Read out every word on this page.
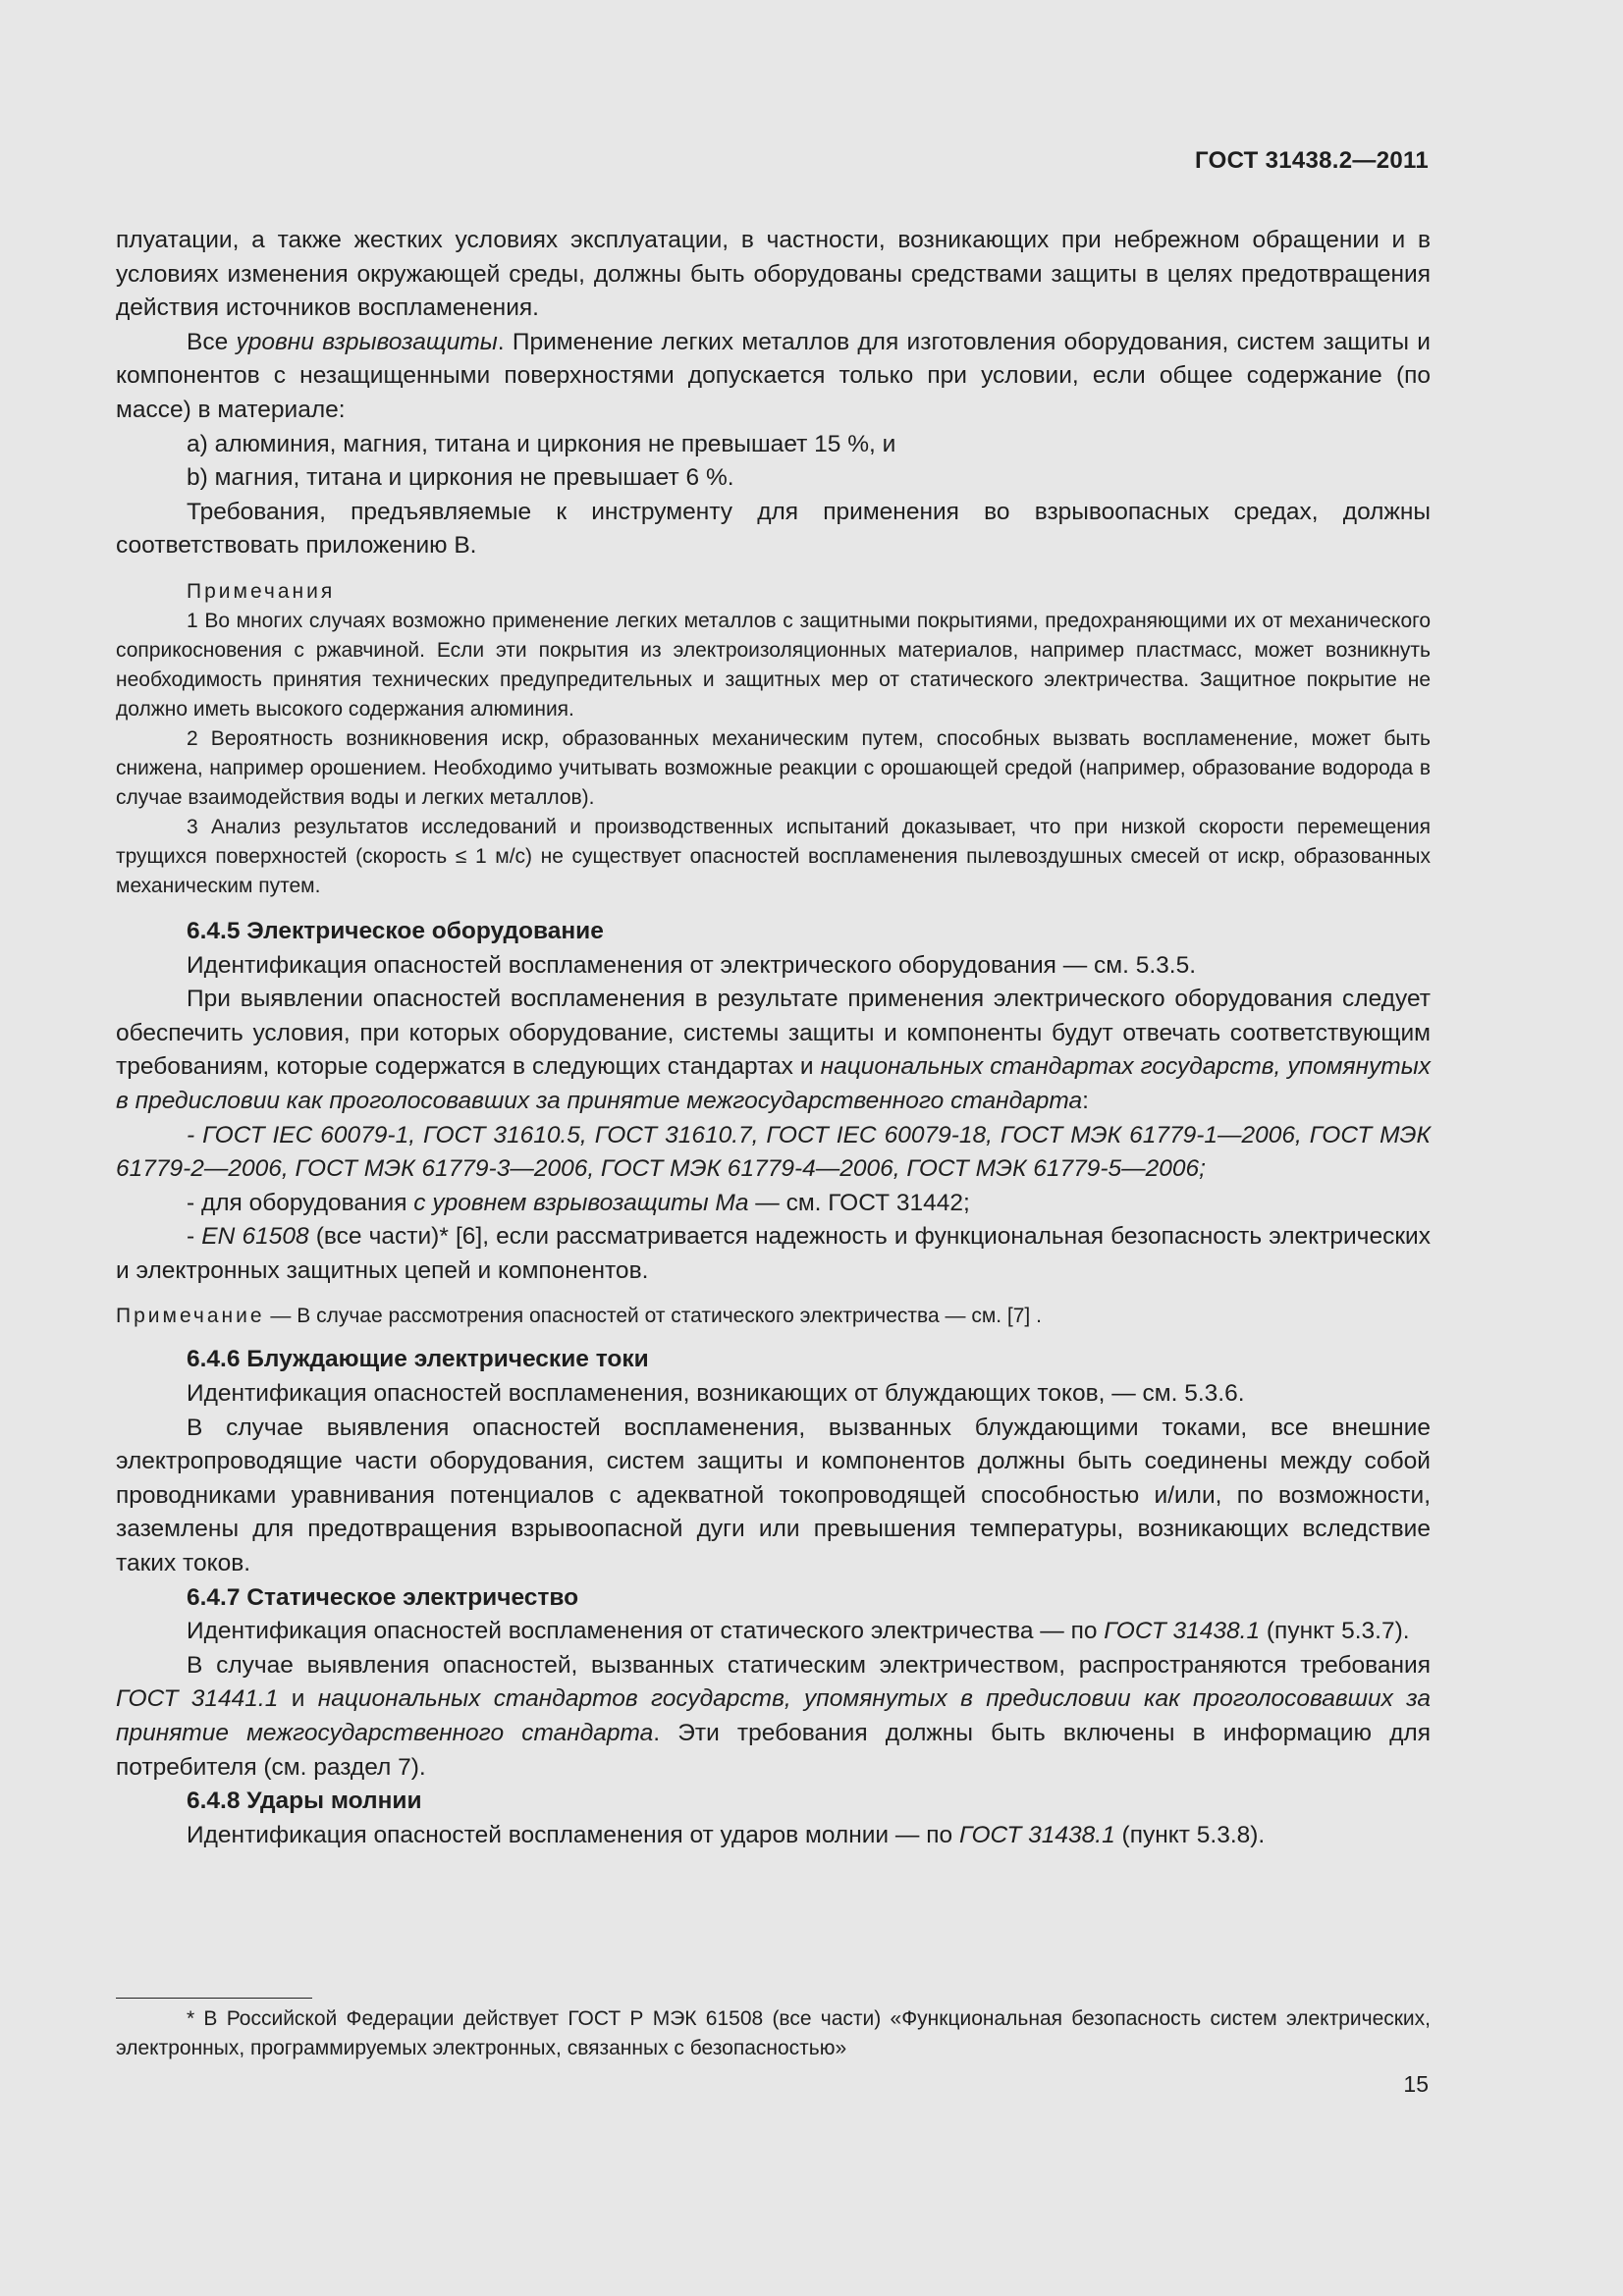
ГОСТ 31438.2—2011

плуатации, а также жестких условиях эксплуатации, в частности, возникающих при небрежном обращении и в условиях изменения окружающей среды, должны быть оборудованы средствами защиты в целях предотвращения действия источников воспламенения.

Все уровни взрывозащиты. Применение легких металлов для изготовления оборудования, систем защиты и компонентов с незащищенными поверхностями допускается только при условии, если общее содержание (по массе) в материале:

a) алюминия, магния, титана и циркония не превышает 15 %, и

b) магния, титана и циркония не превышает 6 %.

Требования, предъявляемые к инструменту для применения во взрывоопасных средах, должны соответствовать приложению B.

Примечания

1 Во многих случаях возможно применение легких металлов с защитными покрытиями, предохраняющими их от механического соприкосновения с ржавчиной. Если эти покрытия из электроизоляционных материалов, например пластмасс, может возникнуть необходимость принятия технических предупредительных и защитных мер от статического электричества. Защитное покрытие не должно иметь высокого содержания алюминия.

2 Вероятность возникновения искр, образованных механическим путем, способных вызвать воспламенение, может быть снижена, например орошением. Необходимо учитывать возможные реакции с орошающей средой (например, образование водорода в случае взаимодействия воды и легких металлов).

3 Анализ результатов исследований и производственных испытаний доказывает, что при низкой скорости перемещения трущихся поверхностей (скорость ≤ 1 м/с) не существует опасностей воспламенения пылевоздушных смесей от искр, образованных механическим путем.

6.4.5 Электрическое оборудование

Идентификация опасностей воспламенения от электрического оборудования — см. 5.3.5.

При выявлении опасностей воспламенения в результате применения электрического оборудования следует обеспечить условия, при которых оборудование, системы защиты и компоненты будут отвечать соответствующим требованиям, которые содержатся в следующих стандартах и национальных стандартах государств, упомянутых в предисловии как проголосовавших за принятие межгосударственного стандарта:

- ГОСТ IEC 60079-1, ГОСТ 31610.5, ГОСТ 31610.7, ГОСТ IEC 60079-18, ГОСТ МЭК 61779-1—2006, ГОСТ МЭК 61779-2—2006, ГОСТ МЭК 61779-3—2006, ГОСТ МЭК 61779-4—2006, ГОСТ МЭК 61779-5—2006;

- для оборудования с уровнем взрывозащиты Ma — см. ГОСТ 31442;

- EN 61508 (все части)* [6], если рассматривается надежность и функциональная безопасность электрических и электронных защитных цепей и компонентов.

Примечание — В случае рассмотрения опасностей от статического электричества — см. [7] .

6.4.6 Блуждающие электрические токи

Идентификация опасностей воспламенения, возникающих от блуждающих токов, — см. 5.3.6.

В случае выявления опасностей воспламенения, вызванных блуждающими токами, все внешние электропроводящие части оборудования, систем защиты и компонентов должны быть соединены между собой проводниками уравнивания потенциалов с адекватной токопроводящей способностью и/или, по возможности, заземлены для предотвращения взрывоопасной дуги или превышения температуры, возникающих вследствие таких токов.

6.4.7 Статическое электричество

Идентификация опасностей воспламенения от статического электричества — по ГОСТ 31438.1 (пункт 5.3.7).

В случае выявления опасностей, вызванных статическим электричеством, распространяются требования ГОСТ 31441.1 и национальных стандартов государств, упомянутых в предисловии как проголосовавших за принятие межгосударственного стандарта. Эти требования должны быть включены в информацию для потребителя (см. раздел 7).

6.4.8 Удары молнии

Идентификация опасностей воспламенения от ударов молнии — по ГОСТ 31438.1 (пункт 5.3.8).

* В Российской Федерации действует ГОСТ Р МЭК 61508 (все части) «Функциональная безопасность систем электрических, электронных, программируемых электронных, связанных с безопасностью»

15
